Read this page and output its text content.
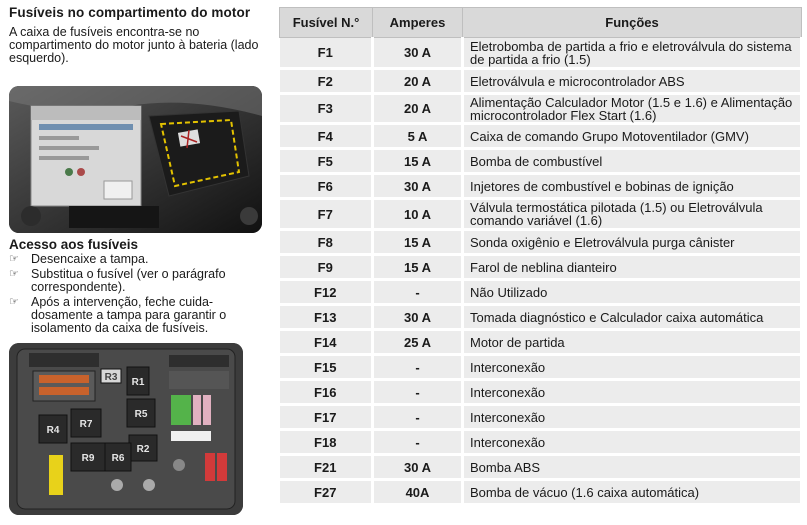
Fusíveis no compartimento do motor

A caixa de fusíveis encontra-se no compartimento do motor junto à bateria (lado esquerdo).

Acesso aos fusíveis
☞ Desencaixe a tampa.
☞ Substitua o fusível (ver o parágrafo correspondente).
☞ Após a intervenção, feche cuida-dosamente a tampa para garantir o isolamento da caixa de fusíveis.
R1
R3
R5
R7
R4
R2
R9 R6
Fusível N.°	Amperes	Funções
F1	30 A	Eletrobomba de partida a frio e eletroválvula do sistema de partida a frio (1.5)
F2	20 A	Eletroválvula e microcontrolador ABS
F3	20 A	Alimentação Calculador Motor (1.5 e 1.6) e Alimentação microcontrolador Flex Start (1.6)
F4	5 A	Caixa de comando Grupo Motoventilador (GMV)
F5	15 A	Bomba de combustível
F6	30 A	Injetores de combustível e bobinas de ignição
F7	10 A	Válvula termostática pilotada (1.5) ou Eletroválvula comando variável (1.6)
F8	15 A	Sonda oxigênio e Eletroválvula purga cânister
F9	15 A	Farol de neblina dianteiro
F12	-	Não Utilizado
F13	30 A	Tomada diagnóstico e Calculador caixa automática
F14	25 A	Motor de partida
F15	-	Interconexão
F16	-	Interconexão
F17	-	Interconexão
F18	-	Interconexão
F21	30 A	Bomba ABS
F27	40A	Bomba de vácuo (1.6 caixa automática)
